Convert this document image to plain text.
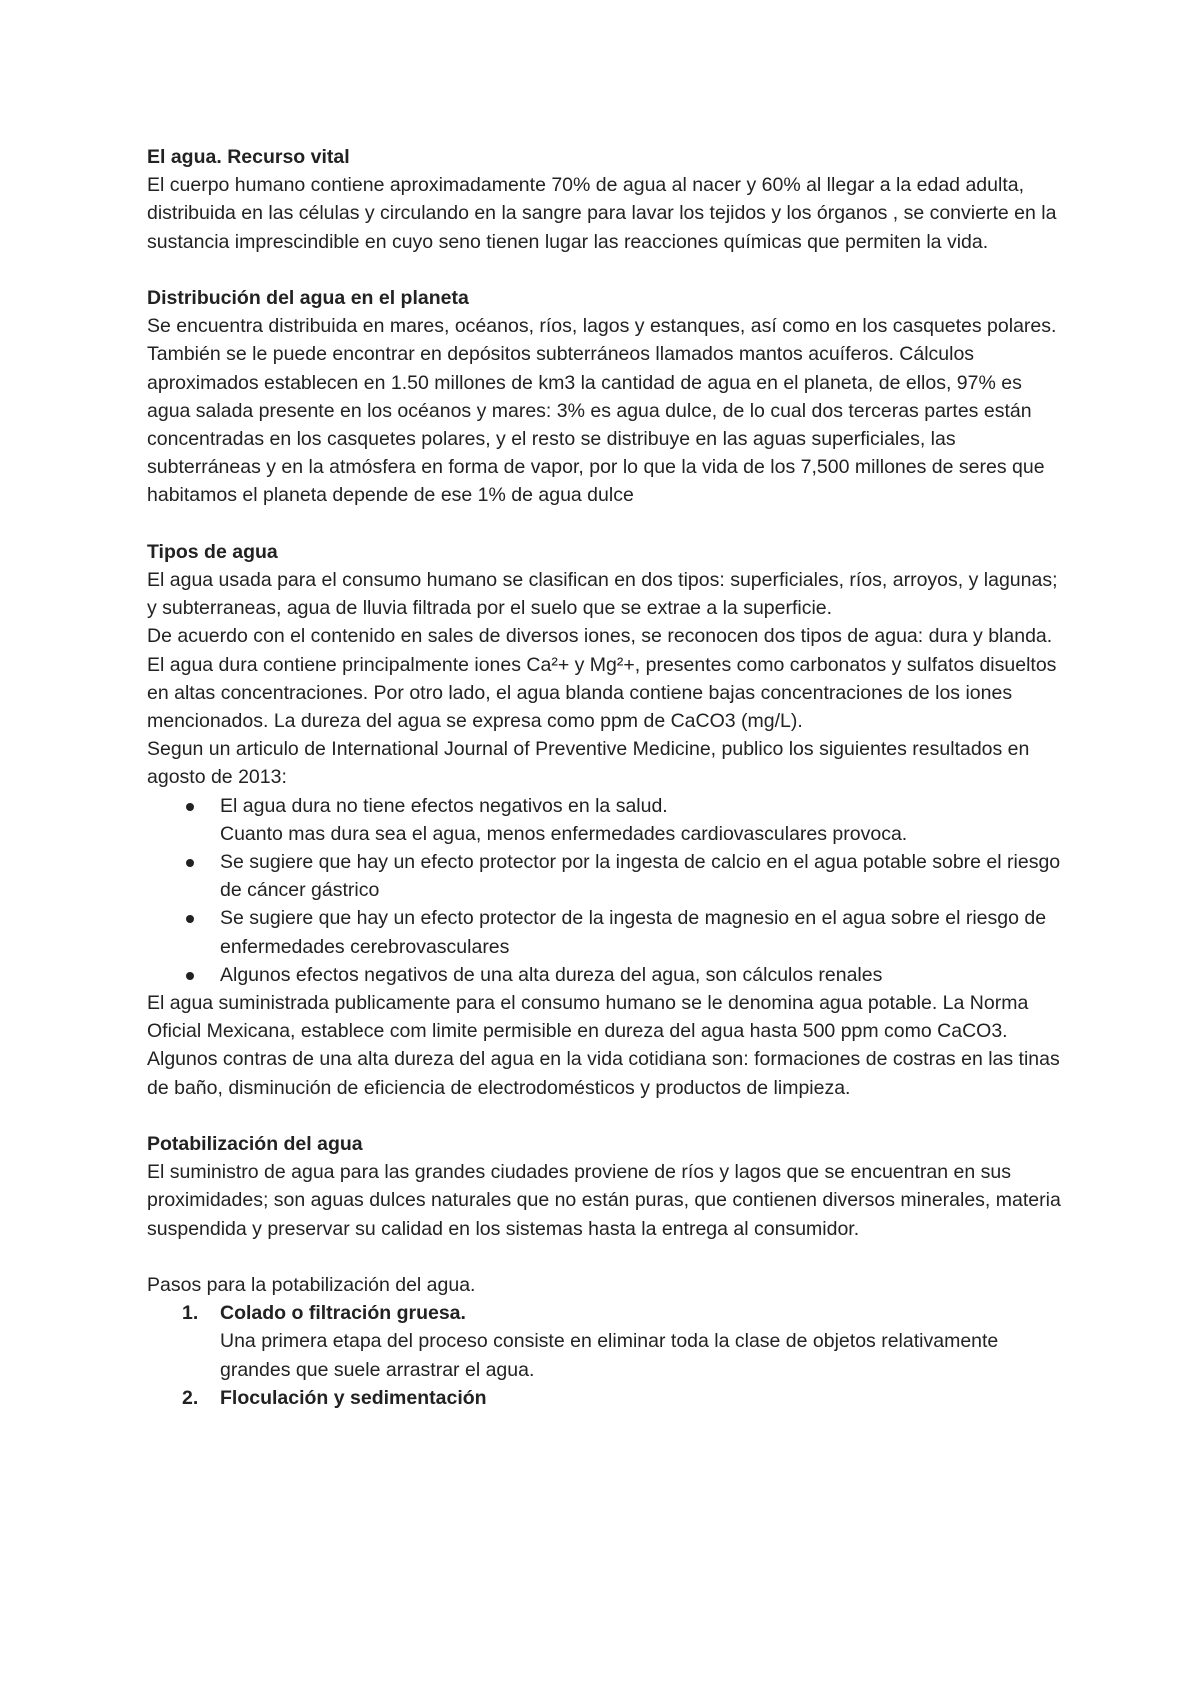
El agua. Recurso vital

El cuerpo humano contiene aproximadamente 70% de agua al nacer y 60% al llegar a la edad adulta, distribuida en las células y circulando en la sangre para lavar los tejidos y los órganos , se convierte en la sustancia imprescindible en cuyo seno tienen lugar las reacciones químicas que permiten la vida.

Distribución del agua en el planeta

Se encuentra distribuida en mares, océanos, ríos, lagos y estanques, así como en los casquetes polares.

También se le puede encontrar en depósitos subterráneos llamados mantos acuíferos. Cálculos aproximados establecen en 1.50 millones de km3 la cantidad de agua en el planeta, de ellos, 97% es agua salada presente en los océanos y mares: 3% es agua dulce, de lo cual dos terceras partes están concentradas en los casquetes polares, y el resto se distribuye en las aguas superficiales, las subterráneas y en la atmósfera en forma de vapor, por lo que la vida de los 7,500 millones de seres que habitamos el planeta depende de ese 1% de agua dulce

Tipos de agua

El agua usada para el consumo humano se clasifican en dos tipos: superficiales, ríos, arroyos, y lagunas; y subterraneas, agua de lluvia filtrada por el suelo que se extrae a la superficie.

De acuerdo con el contenido en sales de diversos iones, se reconocen dos tipos de agua: dura y blanda. El agua dura contiene principalmente iones Ca²+ y Mg²+, presentes como carbonatos y sulfatos disueltos en altas concentraciones. Por otro lado, el agua blanda contiene bajas concentraciones de los iones mencionados. La dureza del agua se expresa como ppm de CaCO3 (mg/L).

Segun un articulo de International Journal of Preventive Medicine, publico los siguientes resultados en agosto de 2013:

El agua dura no tiene efectos negativos en la salud.
Cuanto mas dura sea el agua, menos enfermedades cardiovasculares provoca.
Se sugiere que hay un efecto protector por la ingesta de calcio en el agua potable sobre el riesgo de cáncer gástrico
Se sugiere que hay un efecto protector de la ingesta de magnesio en el agua sobre el riesgo de enfermedades cerebrovasculares
Algunos efectos negativos de una alta dureza del agua, son cálculos renales

El agua suministrada publicamente para el consumo humano se le denomina agua potable. La Norma Oficial Mexicana, establece com limite permisible en dureza del agua hasta 500 ppm como CaCO3.

Algunos contras de una alta dureza del agua en la vida cotidiana son: formaciones de costras en las tinas de baño, disminución de eficiencia de electrodomésticos y productos de limpieza.

Potabilización del agua

El suministro de agua para las grandes ciudades proviene de ríos y lagos que se encuentran en sus proximidades; son aguas dulces naturales que no están puras, que contienen diversos minerales, materia suspendida y preservar su calidad en los sistemas hasta la entrega al consumidor.

Pasos para la potabilización del agua.

1. Colado o filtración gruesa.
Una primera etapa del proceso consiste en eliminar toda la clase de objetos relativamente grandes que suele arrastrar el agua.
2. Floculación y sedimentación
